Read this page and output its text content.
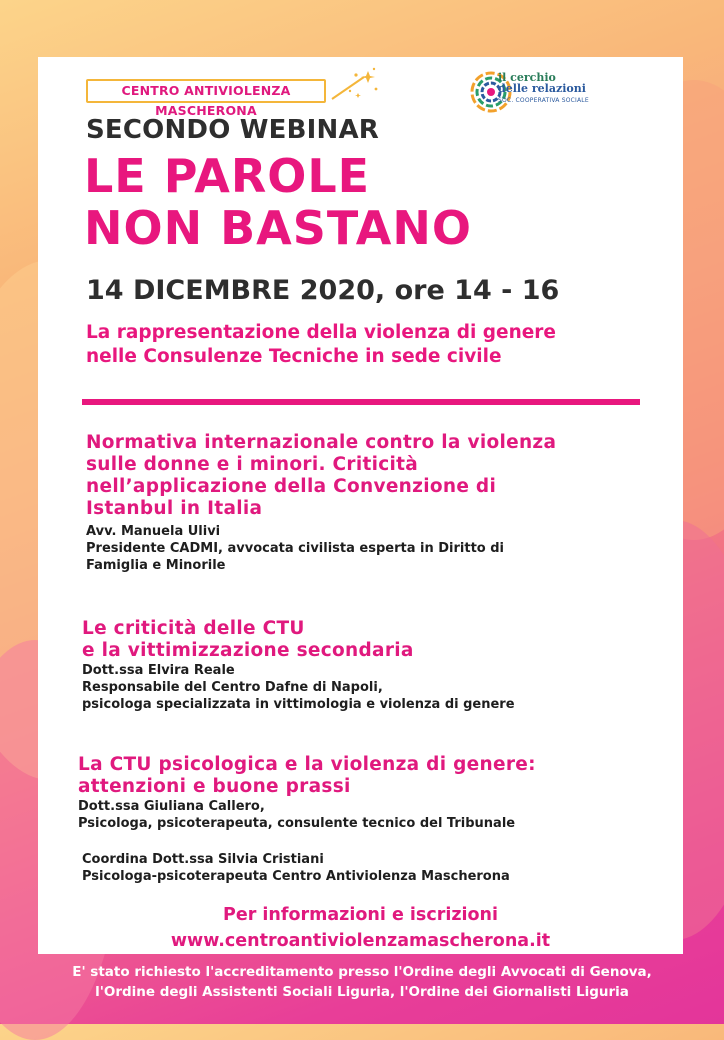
CENTRO ANTIVIOLENZA MASCHERONA
il cerchio
delle relazioni
SOC. COOPERATIVA SOCIALE
SECONDO WEBINAR
LE PAROLE
NON BASTANO
14 DICEMBRE 2020, ore 14 - 16
La rappresentazione della violenza di genere
nelle Consulenze Tecniche in sede civile
Normativa internazionale contro la violenza
sulle donne e i minori. Criticità
nell’applicazione della Convenzione di
Istanbul in Italia
Avv. Manuela Ulivi
Presidente CADMI, avvocata civilista esperta in Diritto di
Famiglia e Minorile
Le criticità delle CTU
e la vittimizzazione secondaria
Dott.ssa Elvira Reale
Responsabile del Centro Dafne di Napoli,
psicologa specializzata in vittimologia e violenza di genere
La CTU psicologica e la violenza di genere:
attenzioni e buone prassi
Dott.ssa Giuliana Callero,
Psicologa, psicoterapeuta, consulente tecnico del Tribunale
Coordina Dott.ssa Silvia Cristiani
Psicologa-psicoterapeuta Centro Antiviolenza Mascherona
Per informazioni e iscrizioni
www.centroantiviolenzamascherona.it
E' stato richiesto l'accreditamento presso l'Ordine degli Avvocati di Genova,
l'Ordine degli Assistenti Sociali Liguria, l'Ordine dei Giornalisti Liguria
